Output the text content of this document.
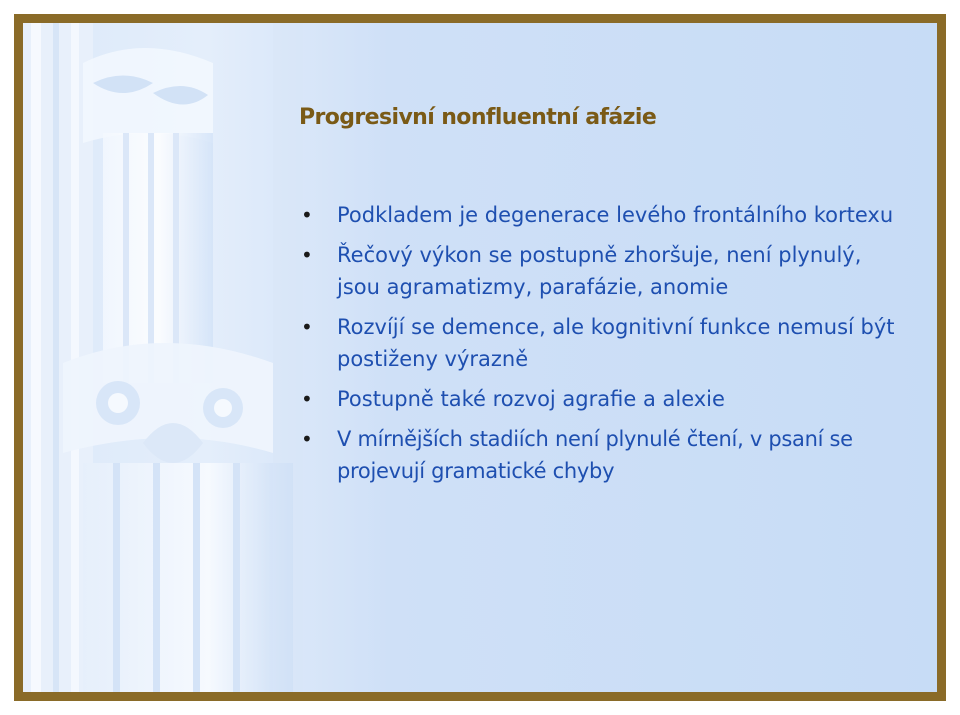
Progresivní nonfluentní afázie
• Podkladem je degenerace levého frontálního kortexu
• Řečový výkon se postupně zhoršuje, není plynulý, jsou agramatizmy, parafázie, anomie
• Rozvíjí se demence, ale kognitivní funkce nemusí být postiženy výrazně
• Postupně také rozvoj agrafie a alexie
• V mírnějších stadiích není plynulé čtení, v psaní se projevují gramatické chyby
